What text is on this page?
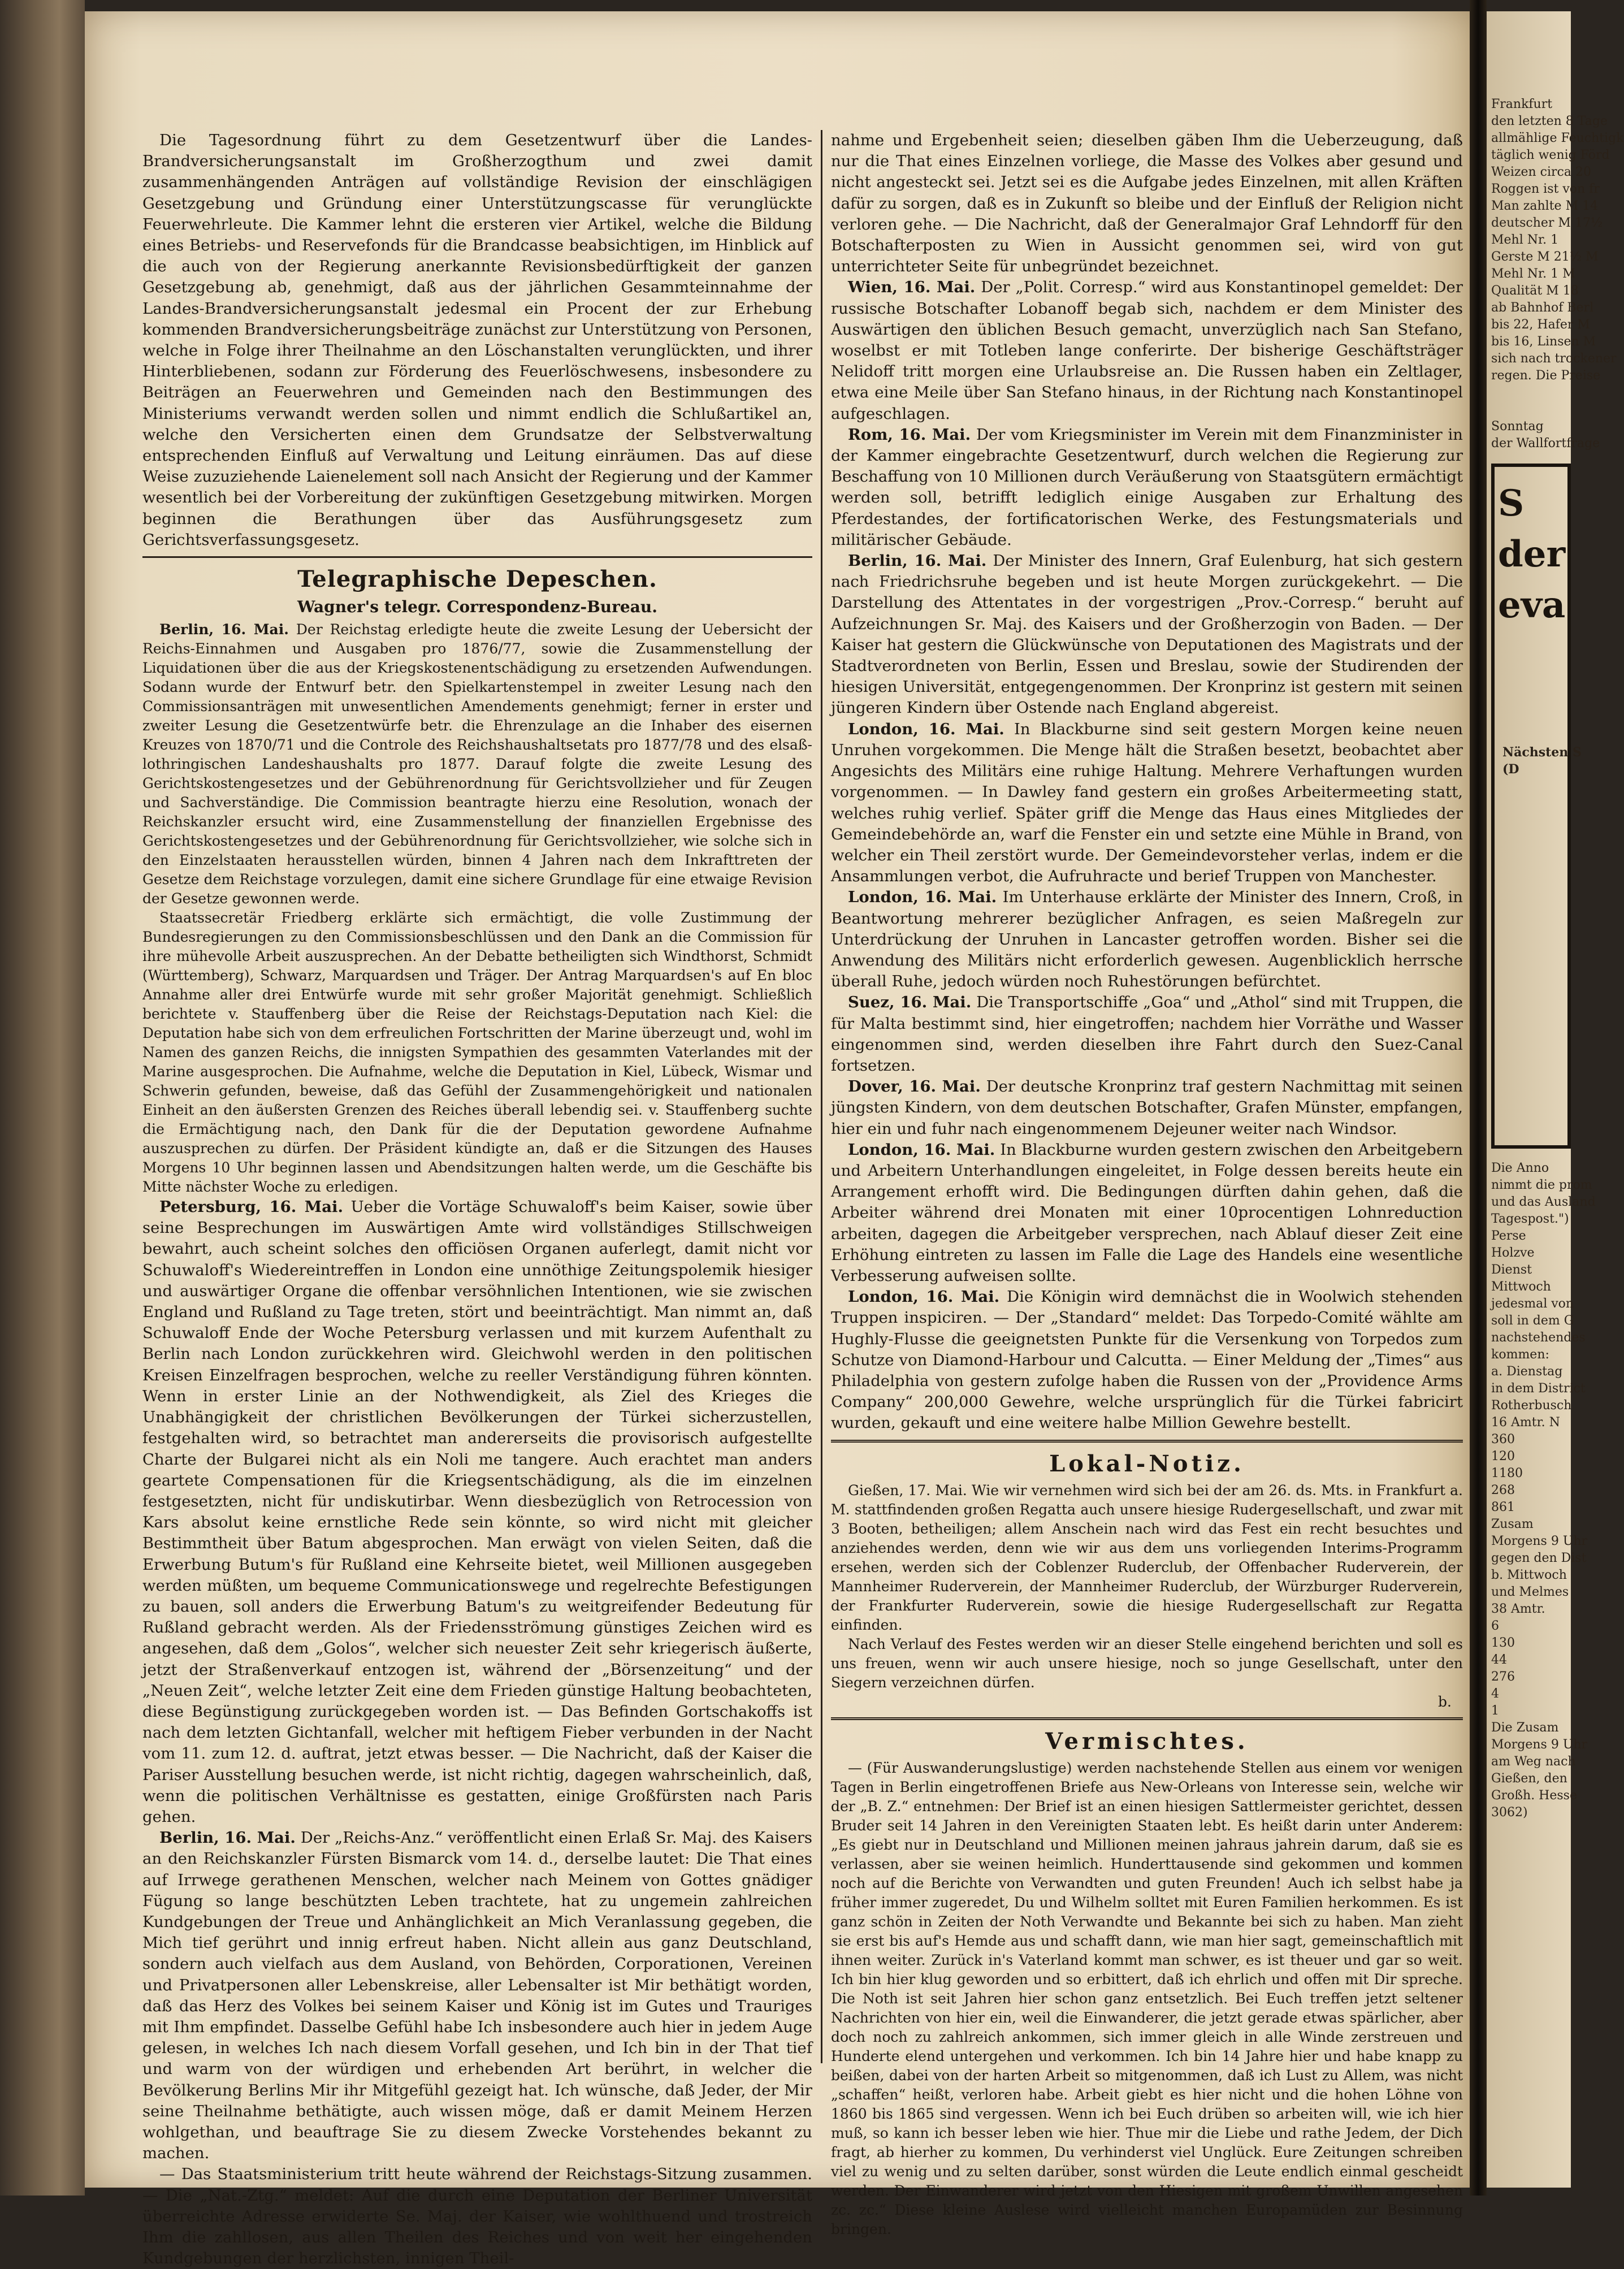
Die Tagesordnung führt zu dem Gesetzentwurf über die Landes-Brandversicherungsanstalt im Großherzogthum und zwei damit zusammenhängenden Anträgen auf vollständige Revision der einschlägigen Gesetzgebung und Gründung einer Unterstützungscasse für verunglückte Feuerwehrleute. Die Kammer lehnt die ersteren vier Artikel, welche die Bildung eines Betriebs- und Reservefonds für die Brandcasse beabsichtigen, im Hinblick auf die auch von der Regierung anerkannte Revisionsbedürftigkeit der ganzen Gesetzgebung ab, genehmigt, daß aus der jährlichen Gesammteinnahme der Landes-Brandversicherungsanstalt jedesmal ein Procent der zur Erhebung kommenden Brandversicherungsbeiträge zunächst zur Unterstützung von Personen, welche in Folge ihrer Theilnahme an den Löschanstalten verunglückten, und ihrer Hinterbliebenen, sodann zur Förderung des Feuerlöschwesens, insbesondere zu Beiträgen an Feuerwehren und Gemeinden nach den Bestimmungen des Ministeriums verwandt werden sollen und nimmt endlich die Schlußartikel an, welche den Versicherten einen dem Grundsatze der Selbstverwaltung entsprechenden Einfluß auf Verwaltung und Leitung einräumen. Das auf diese Weise zuzuziehende Laienelement soll nach Ansicht der Regierung und der Kammer wesentlich bei der Vorbereitung der zukünftigen Gesetzgebung mitwirken. Morgen beginnen die Berathungen über das Ausführungsgesetz zum Gerichtsverfassungsgesetz.

Telegraphische Depeschen.
Wagner's telegr. Correspondenz-Bureau.

Berlin, 16. Mai. Der Reichstag erledigte heute die zweite Lesung der Uebersicht der Reichs-Einnahmen und Ausgaben pro 1876/77, sowie die Zusammenstellung der Liquidationen über die aus der Kriegskostenentschädigung zu ersetzenden Aufwendungen. Sodann wurde der Entwurf betr. den Spielkartenstempel in zweiter Lesung nach den Commissionsanträgen mit unwesentlichen Amendements genehmigt; ferner in erster und zweiter Lesung die Gesetzentwürfe betr. die Ehrenzulage an die Inhaber des eisernen Kreuzes von 1870/71 und die Controle des Reichshaushaltsetats pro 1877/78 und des elsaß-lothringischen Landeshaushalts pro 1877. Darauf folgte die zweite Lesung des Gerichtskostengesetzes und der Gebührenordnung für Gerichtsvollzieher und für Zeugen und Sachverständige. Die Commission beantragte hierzu eine Resolution, wonach der Reichskanzler ersucht wird, eine Zusammenstellung der finanziellen Ergebnisse des Gerichtskostengesetzes und der Gebührenordnung für Gerichtsvollzieher, wie solche sich in den Einzelstaaten herausstellen würden, binnen 4 Jahren nach dem Inkrafttreten der Gesetze dem Reichstage vorzulegen, damit eine sichere Grundlage für eine etwaige Revision der Gesetze gewonnen werde.

Staatssecretär Friedberg erklärte sich ermächtigt, die volle Zustimmung der Bundesregierungen zu den Commissionsbeschlüssen und den Dank an die Commission für ihre mühevolle Arbeit auszusprechen. An der Debatte betheiligten sich Windthorst, Schmidt (Württemberg), Schwarz, Marquardsen und Träger. Der Antrag Marquardsen's auf En bloc Annahme aller drei Entwürfe wurde mit sehr großer Majorität genehmigt. Schließlich berichtete v. Stauffenberg über die Reise der Reichstags-Deputation nach Kiel: die Deputation habe sich von dem erfreulichen Fortschritten der Marine überzeugt und, wohl im Namen des ganzen Reichs, die innigsten Sympathien des gesammten Vaterlandes mit der Marine ausgesprochen. Die Aufnahme, welche die Deputation in Kiel, Lübeck, Wismar und Schwerin gefunden, beweise, daß das Gefühl der Zusammengehörigkeit und nationalen Einheit an den äußersten Grenzen des Reiches überall lebendig sei. v. Stauffenberg suchte die Ermächtigung nach, den Dank für die der Deputation gewordene Aufnahme auszusprechen zu dürfen. Der Präsident kündigte an, daß er die Sitzungen des Hauses Morgens 10 Uhr beginnen lassen und Abendsitzungen halten werde, um die Geschäfte bis Mitte nächster Woche zu erledigen.

Petersburg, 16. Mai. Ueber die Vortäge Schuwaloff's beim Kaiser, sowie über seine Besprechungen im Auswärtigen Amte wird vollständiges Stillschweigen bewahrt, auch scheint solches den officiösen Organen auferlegt, damit nicht vor Schuwaloff's Wiedereintreffen in London eine unnöthige Zeitungspolemik hiesiger und auswärtiger Organe die offenbar versöhnlichen Intentionen, wie sie zwischen England und Rußland zu Tage treten, stört und beeinträchtigt. Man nimmt an, daß Schuwaloff Ende der Woche Petersburg verlassen und mit kurzem Aufenthalt zu Berlin nach London zurückkehren wird. Gleichwohl werden in den politischen Kreisen Einzelfragen besprochen, welche zu reeller Verständigung führen könnten. Wenn in erster Linie an der Nothwendigkeit, als Ziel des Krieges die Unabhängigkeit der christlichen Bevölkerungen der Türkei sicherzustellen, festgehalten wird, so betrachtet man andererseits die provisorisch aufgestellte Charte der Bulgarei nicht als ein Noli me tangere. Auch erachtet man anders geartete Compensationen für die Kriegsentschädigung, als die im einzelnen festgesetzten, nicht für undiskutirbar. Wenn diesbezüglich von Retrocession von Kars absolut keine ernstliche Rede sein könnte, so wird nicht mit gleicher Bestimmtheit über Batum abgesprochen. Man erwägt von vielen Seiten, daß die Erwerbung Butum's für Rußland eine Kehrseite bietet, weil Millionen ausgegeben werden müßten, um bequeme Communicationswege und regelrechte Befestigungen zu bauen, soll anders die Erwerbung Batum's zu weitgreifender Bedeutung für Rußland gebracht werden. Als der Friedensströmung günstiges Zeichen wird es angesehen, daß dem „Golos“, welcher sich neuester Zeit sehr kriegerisch äußerte, jetzt der Straßenverkauf entzogen ist, während der „Börsenzeitung“ und der „Neuen Zeit“, welche letzter Zeit eine dem Frieden günstige Haltung beobachteten, diese Begünstigung zurückgegeben worden ist. — Das Befinden Gortschakoffs ist nach dem letzten Gichtanfall, welcher mit heftigem Fieber verbunden in der Nacht vom 11. zum 12. d. auftrat, jetzt etwas besser. — Die Nachricht, daß der Kaiser die Pariser Ausstellung besuchen werde, ist nicht richtig, dagegen wahrscheinlich, daß, wenn die politischen Verhältnisse es gestatten, einige Großfürsten nach Paris gehen.

Berlin, 16. Mai. Der „Reichs-Anz.“ veröffentlicht einen Erlaß Sr. Maj. des Kaisers an den Reichskanzler Fürsten Bismarck vom 14. d., derselbe lautet: Die That eines auf Irrwege gerathenen Menschen, welcher nach Meinem von Gottes gnädiger Fügung so lange beschützten Leben trachtete, hat zu ungemein zahlreichen Kundgebungen der Treue und Anhänglichkeit an Mich Veranlassung gegeben, die Mich tief gerührt und innig erfreut haben. Nicht allein aus ganz Deutschland, sondern auch vielfach aus dem Ausland, von Behörden, Corporationen, Vereinen und Privatpersonen aller Lebenskreise, aller Lebensalter ist Mir bethätigt worden, daß das Herz des Volkes bei seinem Kaiser und König ist im Gutes und Trauriges mit Ihm empfindet. Dasselbe Gefühl habe Ich insbesondere auch hier in jedem Auge gelesen, in welches Ich nach diesem Vorfall gesehen, und Ich bin in der That tief und warm von der würdigen und erhebenden Art berührt, in welcher die Bevölkerung Berlins Mir ihr Mitgefühl gezeigt hat. Ich wünsche, daß Jeder, der Mir seine Theilnahme bethätigte, auch wissen möge, daß er damit Meinem Herzen wohlgethan, und beauftrage Sie zu diesem Zwecke Vorstehendes bekannt zu machen.

— Das Staatsministerium tritt heute während der Reichstags-Sitzung zusammen. — Die „Nat.-Ztg.“ meldet: Auf die durch eine Deputation der Berliner Universität überreichte Adresse erwiderte Se. Maj. der Kaiser, wie wohlthuend und trostreich Ihm die zahllosen, aus allen Theilen des Reiches und von weit her eingehenden Kundgebungen der herzlichsten, innigen Theil-

nahme und Ergebenheit seien; dieselben gäben Ihm die Ueberzeugung, daß nur die That eines Einzelnen vorliege, die Masse des Volkes aber gesund und nicht angesteckt sei. Jetzt sei es die Aufgabe jedes Einzelnen, mit allen Kräften dafür zu sorgen, daß es in Zukunft so bleibe und der Einfluß der Religion nicht verloren gehe. — Die Nachricht, daß der Generalmajor Graf Lehndorff für den Botschafterposten zu Wien in Aussicht genommen sei, wird von gut unterrichteter Seite für unbegründet bezeichnet.

Wien, 16. Mai. Der „Polit. Corresp.“ wird aus Konstantinopel gemeldet: Der russische Botschafter Lobanoff begab sich, nachdem er dem Minister des Auswärtigen den üblichen Besuch gemacht, unverzüglich nach San Stefano, woselbst er mit Totleben lange conferirte. Der bisherige Geschäftsträger Nelidoff tritt morgen eine Urlaubsreise an. Die Russen haben ein Zeltlager, etwa eine Meile über San Stefano hinaus, in der Richtung nach Konstantinopel aufgeschlagen.

Rom, 16. Mai. Der vom Kriegsminister im Verein mit dem Finanzminister in der Kammer eingebrachte Gesetzentwurf, durch welchen die Regierung zur Beschaffung von 10 Millionen durch Veräußerung von Staatsgütern ermächtigt werden soll, betrifft lediglich einige Ausgaben zur Erhaltung des Pferdestandes, der fortificatorischen Werke, des Festungsmaterials und militärischer Gebäude.

Berlin, 16. Mai. Der Minister des Innern, Graf Eulenburg, hat sich gestern nach Friedrichsruhe begeben und ist heute Morgen zurückgekehrt. — Die Darstellung des Attentates in der vorgestrigen „Prov.-Corresp.“ beruht auf Aufzeichnungen Sr. Maj. des Kaisers und der Großherzogin von Baden. — Der Kaiser hat gestern die Glückwünsche von Deputationen des Magistrats und der Stadtverordneten von Berlin, Essen und Breslau, sowie der Studirenden der hiesigen Universität, entgegengenommen. Der Kronprinz ist gestern mit seinen jüngeren Kindern über Ostende nach England abgereist.

London, 16. Mai. In Blackburne sind seit gestern Morgen keine neuen Unruhen vorgekommen. Die Menge hält die Straßen besetzt, beobachtet aber Angesichts des Militärs eine ruhige Haltung. Mehrere Verhaftungen wurden vorgenommen. — In Dawley fand gestern ein großes Arbeitermeeting statt, welches ruhig verlief. Später griff die Menge das Haus eines Mitgliedes der Gemeindebehörde an, warf die Fenster ein und setzte eine Mühle in Brand, von welcher ein Theil zerstört wurde. Der Gemeindevorsteher verlas, indem er die Ansammlungen verbot, die Aufruhracte und berief Truppen von Manchester.

London, 16. Mai. Im Unterhause erklärte der Minister des Innern, Croß, in Beantwortung mehrerer bezüglicher Anfragen, es seien Maßregeln zur Unterdrückung der Unruhen in Lancaster getroffen worden. Bisher sei die Anwendung des Militärs nicht erforderlich gewesen. Augenblicklich herrsche überall Ruhe, jedoch würden noch Ruhestörungen befürchtet.

Suez, 16. Mai. Die Transportschiffe „Goa“ und „Athol“ sind mit Truppen, die für Malta bestimmt sind, hier eingetroffen; nachdem hier Vorräthe und Wasser eingenommen sind, werden dieselben ihre Fahrt durch den Suez-Canal fortsetzen.

Dover, 16. Mai. Der deutsche Kronprinz traf gestern Nachmittag mit seinen jüngsten Kindern, von dem deutschen Botschafter, Grafen Münster, empfangen, hier ein und fuhr nach eingenommenem Dejeuner weiter nach Windsor.

London, 16. Mai. In Blackburne wurden gestern zwischen den Arbeitgebern und Arbeitern Unterhandlungen eingeleitet, in Folge dessen bereits heute ein Arrangement erhofft wird. Die Bedingungen dürften dahin gehen, daß die Arbeiter während drei Monaten mit einer 10procentigen Lohnreduction arbeiten, dagegen die Arbeitgeber versprechen, nach Ablauf dieser Zeit eine Erhöhung eintreten zu lassen im Falle die Lage des Handels eine wesentliche Verbesserung aufweisen sollte.

London, 16. Mai. Die Königin wird demnächst die in Woolwich stehenden Truppen inspiciren. — Der „Standard“ meldet: Das Torpedo-Comité wählte am Hughly-Flusse die geeignetsten Punkte für die Versenkung von Torpedos zum Schutze von Diamond-Harbour und Calcutta. — Einer Meldung der „Times“ aus Philadelphia von gestern zufolge haben die Russen von der „Providence Arms Company“ 200,000 Gewehre, welche ursprünglich für die Türkei fabricirt wurden, gekauft und eine weitere halbe Million Gewehre bestellt.

Lokal-Notiz.

Gießen, 17. Mai. Wie wir vernehmen wird sich bei der am 26. ds. Mts. in Frankfurt a. M. stattfindenden großen Regatta auch unsere hiesige Rudergesellschaft, und zwar mit 3 Booten, betheiligen; allem Anschein nach wird das Fest ein recht besuchtes und anziehendes werden, denn wie wir aus dem uns vorliegenden Interims-Programm ersehen, werden sich der Coblenzer Ruderclub, der Offenbacher Ruderverein, der Mannheimer Ruderverein, der Mannheimer Ruderclub, der Würzburger Ruderverein, der Frankfurter Ruderverein, sowie die hiesige Rudergesellschaft zur Regatta einfinden.

Nach Verlauf des Festes werden wir an dieser Stelle eingehend berichten und soll es uns freuen, wenn wir auch unsere hiesige, noch so junge Gesellschaft, unter den Siegern verzeichnen dürfen.

b.
Vermischtes.

— (Für Auswanderungslustige) werden nachstehende Stellen aus einem vor wenigen Tagen in Berlin eingetroffenen Briefe aus New-Orleans von Interesse sein, welche wir der „B. Z.“ entnehmen: Der Brief ist an einen hiesigen Sattlermeister gerichtet, dessen Bruder seit 14 Jahren in den Vereinigten Staaten lebt. Es heißt darin unter Anderem: „Es giebt nur in Deutschland und Millionen meinen jahraus jahrein darum, daß sie es verlassen, aber sie weinen heimlich. Hunderttausende sind gekommen und kommen noch auf die Berichte von Verwandten und guten Freunden! Auch ich selbst habe ja früher immer zugeredet, Du und Wilhelm solltet mit Euren Familien herkommen. Es ist ganz schön in Zeiten der Noth Verwandte und Bekannte bei sich zu haben. Man zieht sie erst bis auf's Hemde aus und schafft dann, wie man hier sagt, gemeinschaftlich mit ihnen weiter. Zurück in's Vaterland kommt man schwer, es ist theuer und gar so weit. Ich bin hier klug geworden und so erbittert, daß ich ehrlich und offen mit Dir spreche. Die Noth ist seit Jahren hier schon ganz entsetzlich. Bei Euch treffen jetzt seltener Nachrichten von hier ein, weil die Einwanderer, die jetzt gerade etwas spärlicher, aber doch noch zu zahlreich ankommen, sich immer gleich in alle Winde zerstreuen und Hunderte elend untergehen und verkommen. Ich bin 14 Jahre hier und habe knapp zu beißen, dabei von der harten Arbeit so mitgenommen, daß ich Lust zu Allem, was nicht „schaffen“ heißt, verloren habe. Arbeit giebt es hier nicht und die hohen Löhne von 1860 bis 1865 sind vergessen. Wenn ich bei Euch drüben so arbeiten will, wie ich hier muß, so kann ich besser leben wie hier. Thue mir die Liebe und rathe Jedem, der Dich fragt, ab hierher zu kommen, Du verhinderst viel Unglück. Eure Zeitungen schreiben viel zu wenig und zu selten darüber, sonst würden die Leute endlich einmal gescheidt werden. Der Einwanderer wird jetzt von den Hiesigen mit großem Unwillen angesehen zc. zc.“ Diese kleine Auslese wird vielleicht manchen Europamüden zur Besinnung bringen.

Frankfurt
den letzten 8 Tage
allmählige Feuchtigk
täglich wenig Förd
Weizen circa 20
Roggen ist von fr
Man zahlte M 14
deutscher M 17½
Mehl Nr. 1
Gerste M 21½ M
Mehl Nr. 1 M
Qualität M 18
ab Bahnhof Berl
bis 22, Hafer M
bis 16, Linsen M
sich nach trockener
regen. Die Preise
Sonntag
der Wallfortfrage
S
der eva
Nächsten S
(D
Die Anno
nimmt die prom
und das Ausland
Tagespost.")
Perse
Holzve
Dienst
Mittwoch
jedesmal von
soll in dem G
nachstehendes
kommen:
a. Dienstag
in dem District
Rotherbusch
16 Amtr. N
360
120
1180
268
861
Zusam
Morgens 9 Uhr
gegen den Dist
b. Mittwoch
und Melmes
38 Amtr.
6
130
44
276
4
1
Die Zusam
Morgens 9 Uhr
am Weg nach
Gießen, den
Großh. Hesse
3062)
